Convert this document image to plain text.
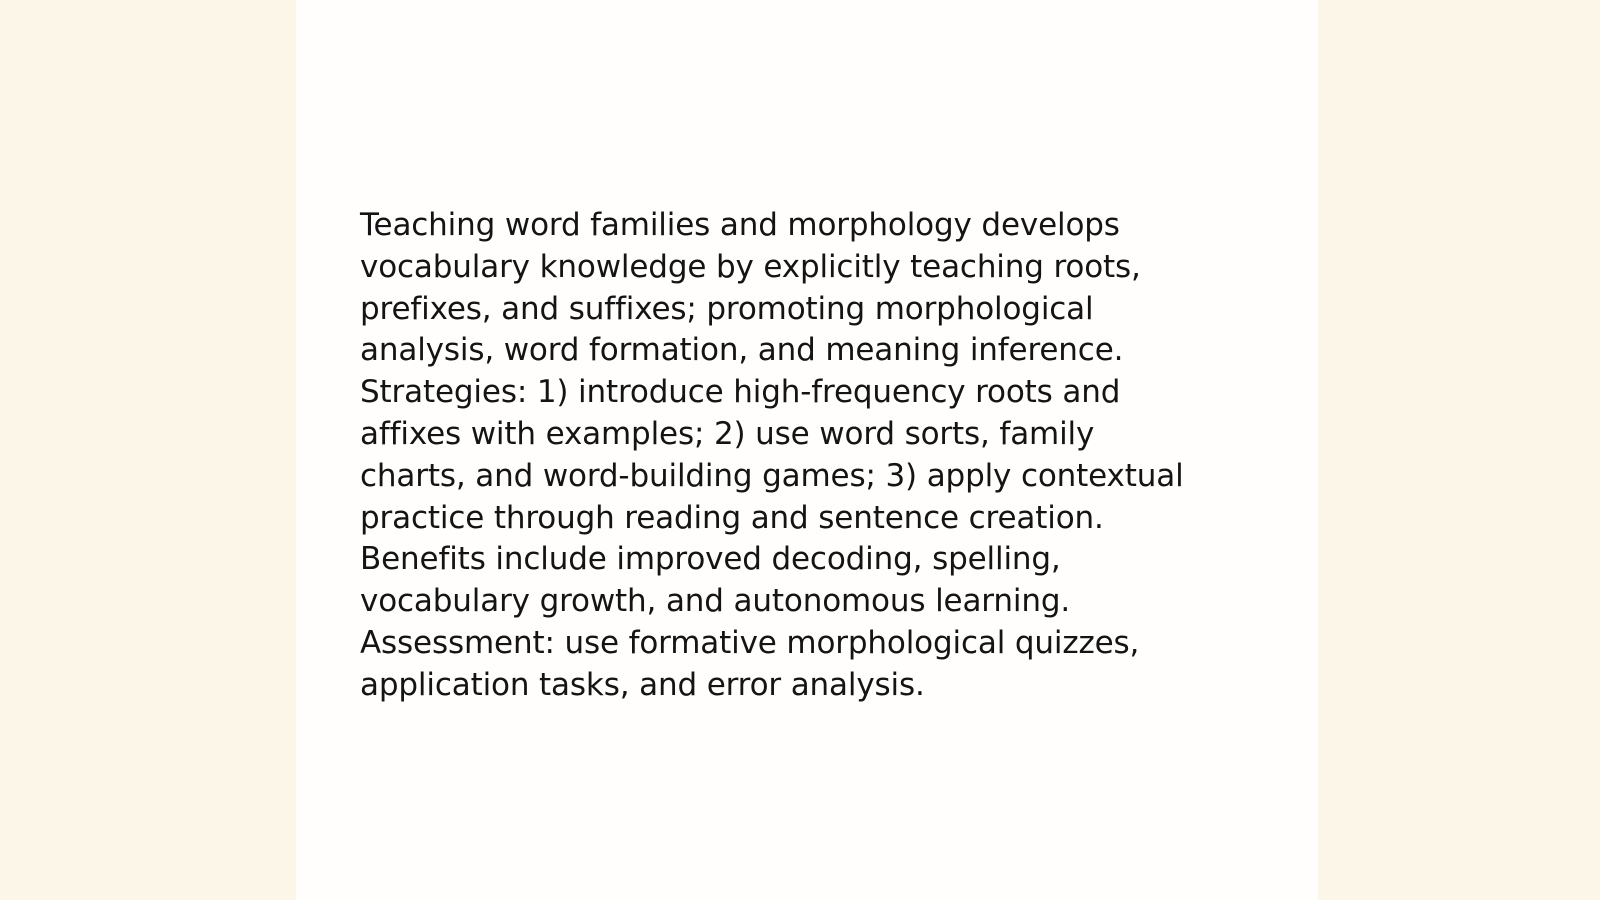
Teaching word families and morphology develops

vocabulary knowledge by explicitly teaching roots,

prefixes, and suffixes; promoting morphological

analysis, word formation, and meaning inference.

Strategies: 1) introduce high-frequency roots and

affixes with examples; 2) use word sorts, family

charts, and word-building games; 3) apply contextual

practice through reading and sentence creation.

Benefits include improved decoding, spelling,

vocabulary growth, and autonomous learning.

Assessment: use formative morphological quizzes,

application tasks, and error analysis.
